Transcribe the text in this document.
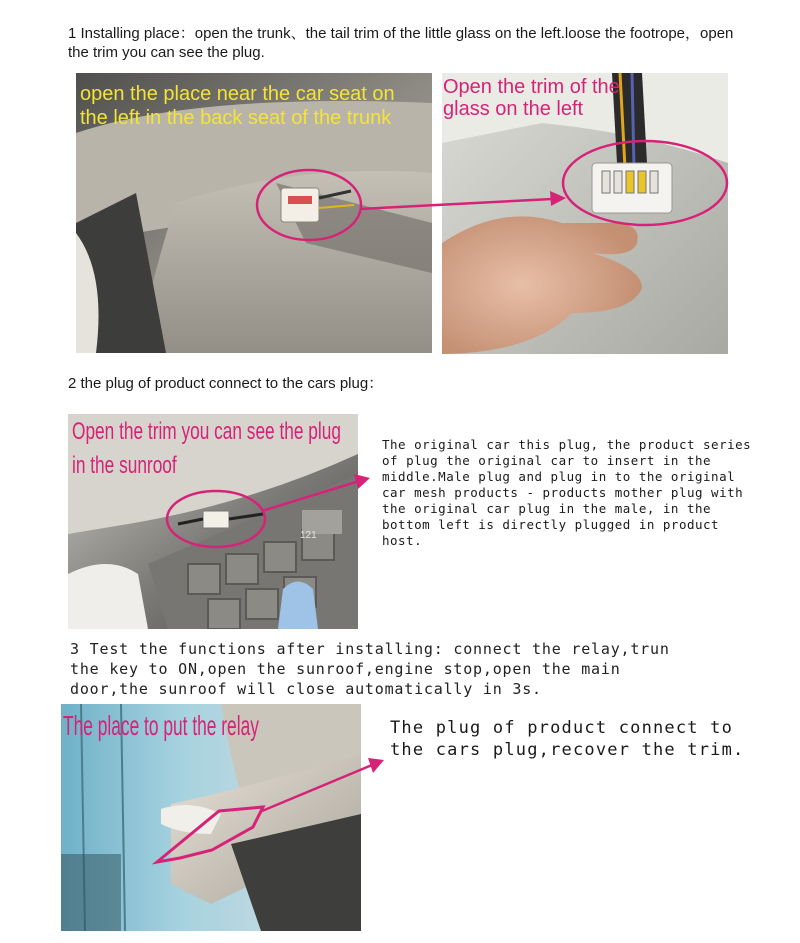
1 Installing place：open the trunk、the tail trim of the little glass on the left.loose the footrope，open the trim you can see the plug.
open the place near the car seat on the left in the back seat of the trunk
Open the trim of the glass on the left
2 the plug of product connect to the cars plug：
Open the trim you can see the plug
in the sunroof
121
The original car this plug, the product series of plug the original car to insert in the middle.Male plug and plug in to the original car mesh products - products mother plug with the original car plug in the male, in the bottom left is directly plugged in product host.
3 Test the functions after installing: connect the relay,trun
the key to ON,open the sunroof,engine stop,open the main
door,the sunroof will close automatically in 3s.
The place to put the relay	The plug of product connect to the cars plug,recover the trim.
